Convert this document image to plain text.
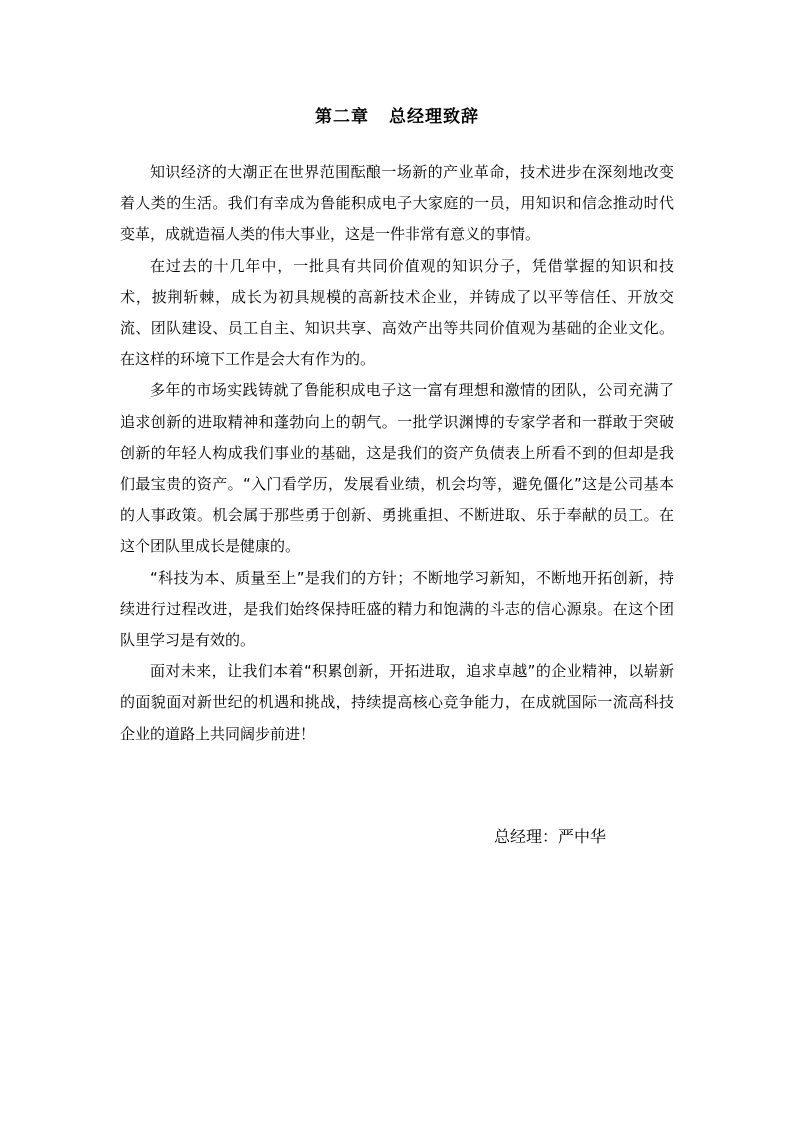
第二章 总经理致辞

知识经济的大潮正在世界范围酝酿一场新的产业革命，技术进步在深刻地改变着人类的生活。我们有幸成为鲁能积成电子大家庭的一员，用知识和信念推动时代变革，成就造福人类的伟大事业，这是一件非常有意义的事情。

在过去的十几年中，一批具有共同价值观的知识分子，凭借掌握的知识和技术，披荆斩棘，成长为初具规模的高新技术企业，并铸成了以平等信任、开放交流、团队建设、员工自主、知识共享、高效产出等共同价值观为基础的企业文化。在这样的环境下工作是会大有作为的。

多年的市场实践铸就了鲁能积成电子这一富有理想和激情的团队，公司充满了追求创新的进取精神和蓬勃向上的朝气。一批学识渊博的专家学者和一群敢于突破创新的年轻人构成我们事业的基础，这是我们的资产负债表上所看不到的但却是我们最宝贵的资产。“入门看学历，发展看业绩，机会均等，避免僵化”这是公司基本的人事政策。机会属于那些勇于创新、勇挑重担、不断进取、乐于奉献的员工。在这个团队里成长是健康的。

“科技为本、质量至上”是我们的方针；不断地学习新知，不断地开拓创新，持续进行过程改进，是我们始终保持旺盛的精力和饱满的斗志的信心源泉。在这个团队里学习是有效的。

面对未来，让我们本着“积累创新，开拓进取，追求卓越”的企业精神，以崭新的面貌面对新世纪的机遇和挑战，持续提高核心竞争能力，在成就国际一流高科技企业的道路上共同阔步前进！

总经理：严中华
